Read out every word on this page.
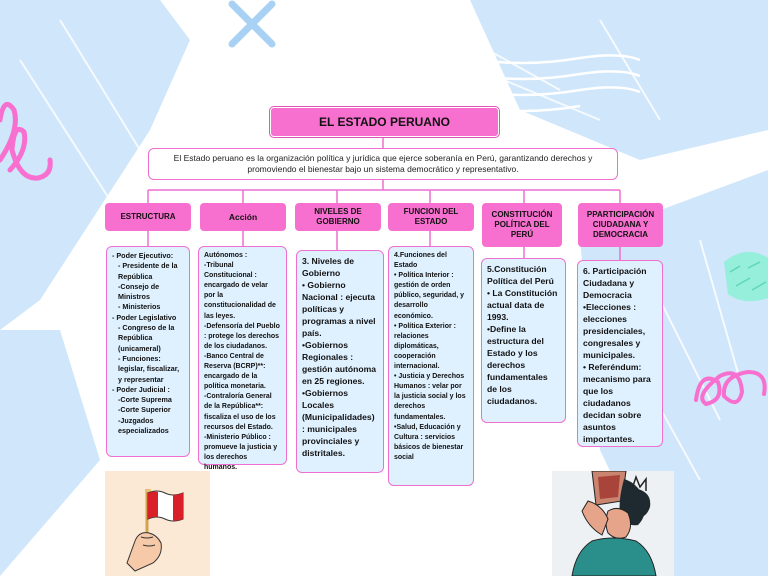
EL ESTADO PERUANO
El Estado peruano es la organización política y jurídica que ejerce soberanía en Perú, garantizando derechos y promoviendo el bienestar bajo un sistema democrático y representativo.
ESTRUCTURA	Acción
NIVELES DE GOBIERNO
FUNCION DEL ESTADO
CONSTITUCIÓN POLÍTICA DEL PERÚ
PPARTICIPACIÓN CIUDADANA Y DEMOCRACIA
- Poder Ejecutivo:
- Presidente de la República
-Consejo de Ministros
- Ministerios
- Poder Legislativo
- Congreso de la República (unicameral)
- Funciones: legislar, fiscalizar, y representar
- Poder Judicial :
-Corte Suprema
-Corte Superior
-Juzgados especializados
Autónomos :
-Tribunal Constitucional :
encargado de velar por la constitucionalidad de las leyes.
-Defensoría del Pueblo : protege los derechos de los ciudadanos.
-Banco Central de Reserva (BCRP)**: encargado de la política monetaria.
-Contraloría General de la República**: fiscaliza el uso de los recursos del Estado.
-Ministerio Público : promueve la justicia y los derechos humanos.
3. Niveles de Gobierno
• Gobierno Nacional : ejecuta políticas y programas a nivel país.
•Gobiernos Regionales : gestión autónoma en 25 regiones.
•Gobiernos Locales (Municipalidades) : municipales provinciales y distritales.
4.Funciones del Estado
• Política Interior : gestión de orden público, seguridad, y desarrollo económico.
• Política Exterior : relaciones diplomáticas, cooperación internacional.
• Justicia y Derechos Humanos : velar por la justicia social y los derechos fundamentales.
•Salud, Educación y Cultura : servicios básicos de bienestar social
5.Constitución Política del Perú
• La Constitución actual data de 1993.
•Define la estructura del Estado y los derechos fundamentales de los ciudadanos.
6. Participación Ciudadana y Democracia
•Elecciones : elecciones presidenciales, congresales y municipales.
• Referéndum: mecanismo para que los ciudadanos decidan sobre asuntos importantes.
